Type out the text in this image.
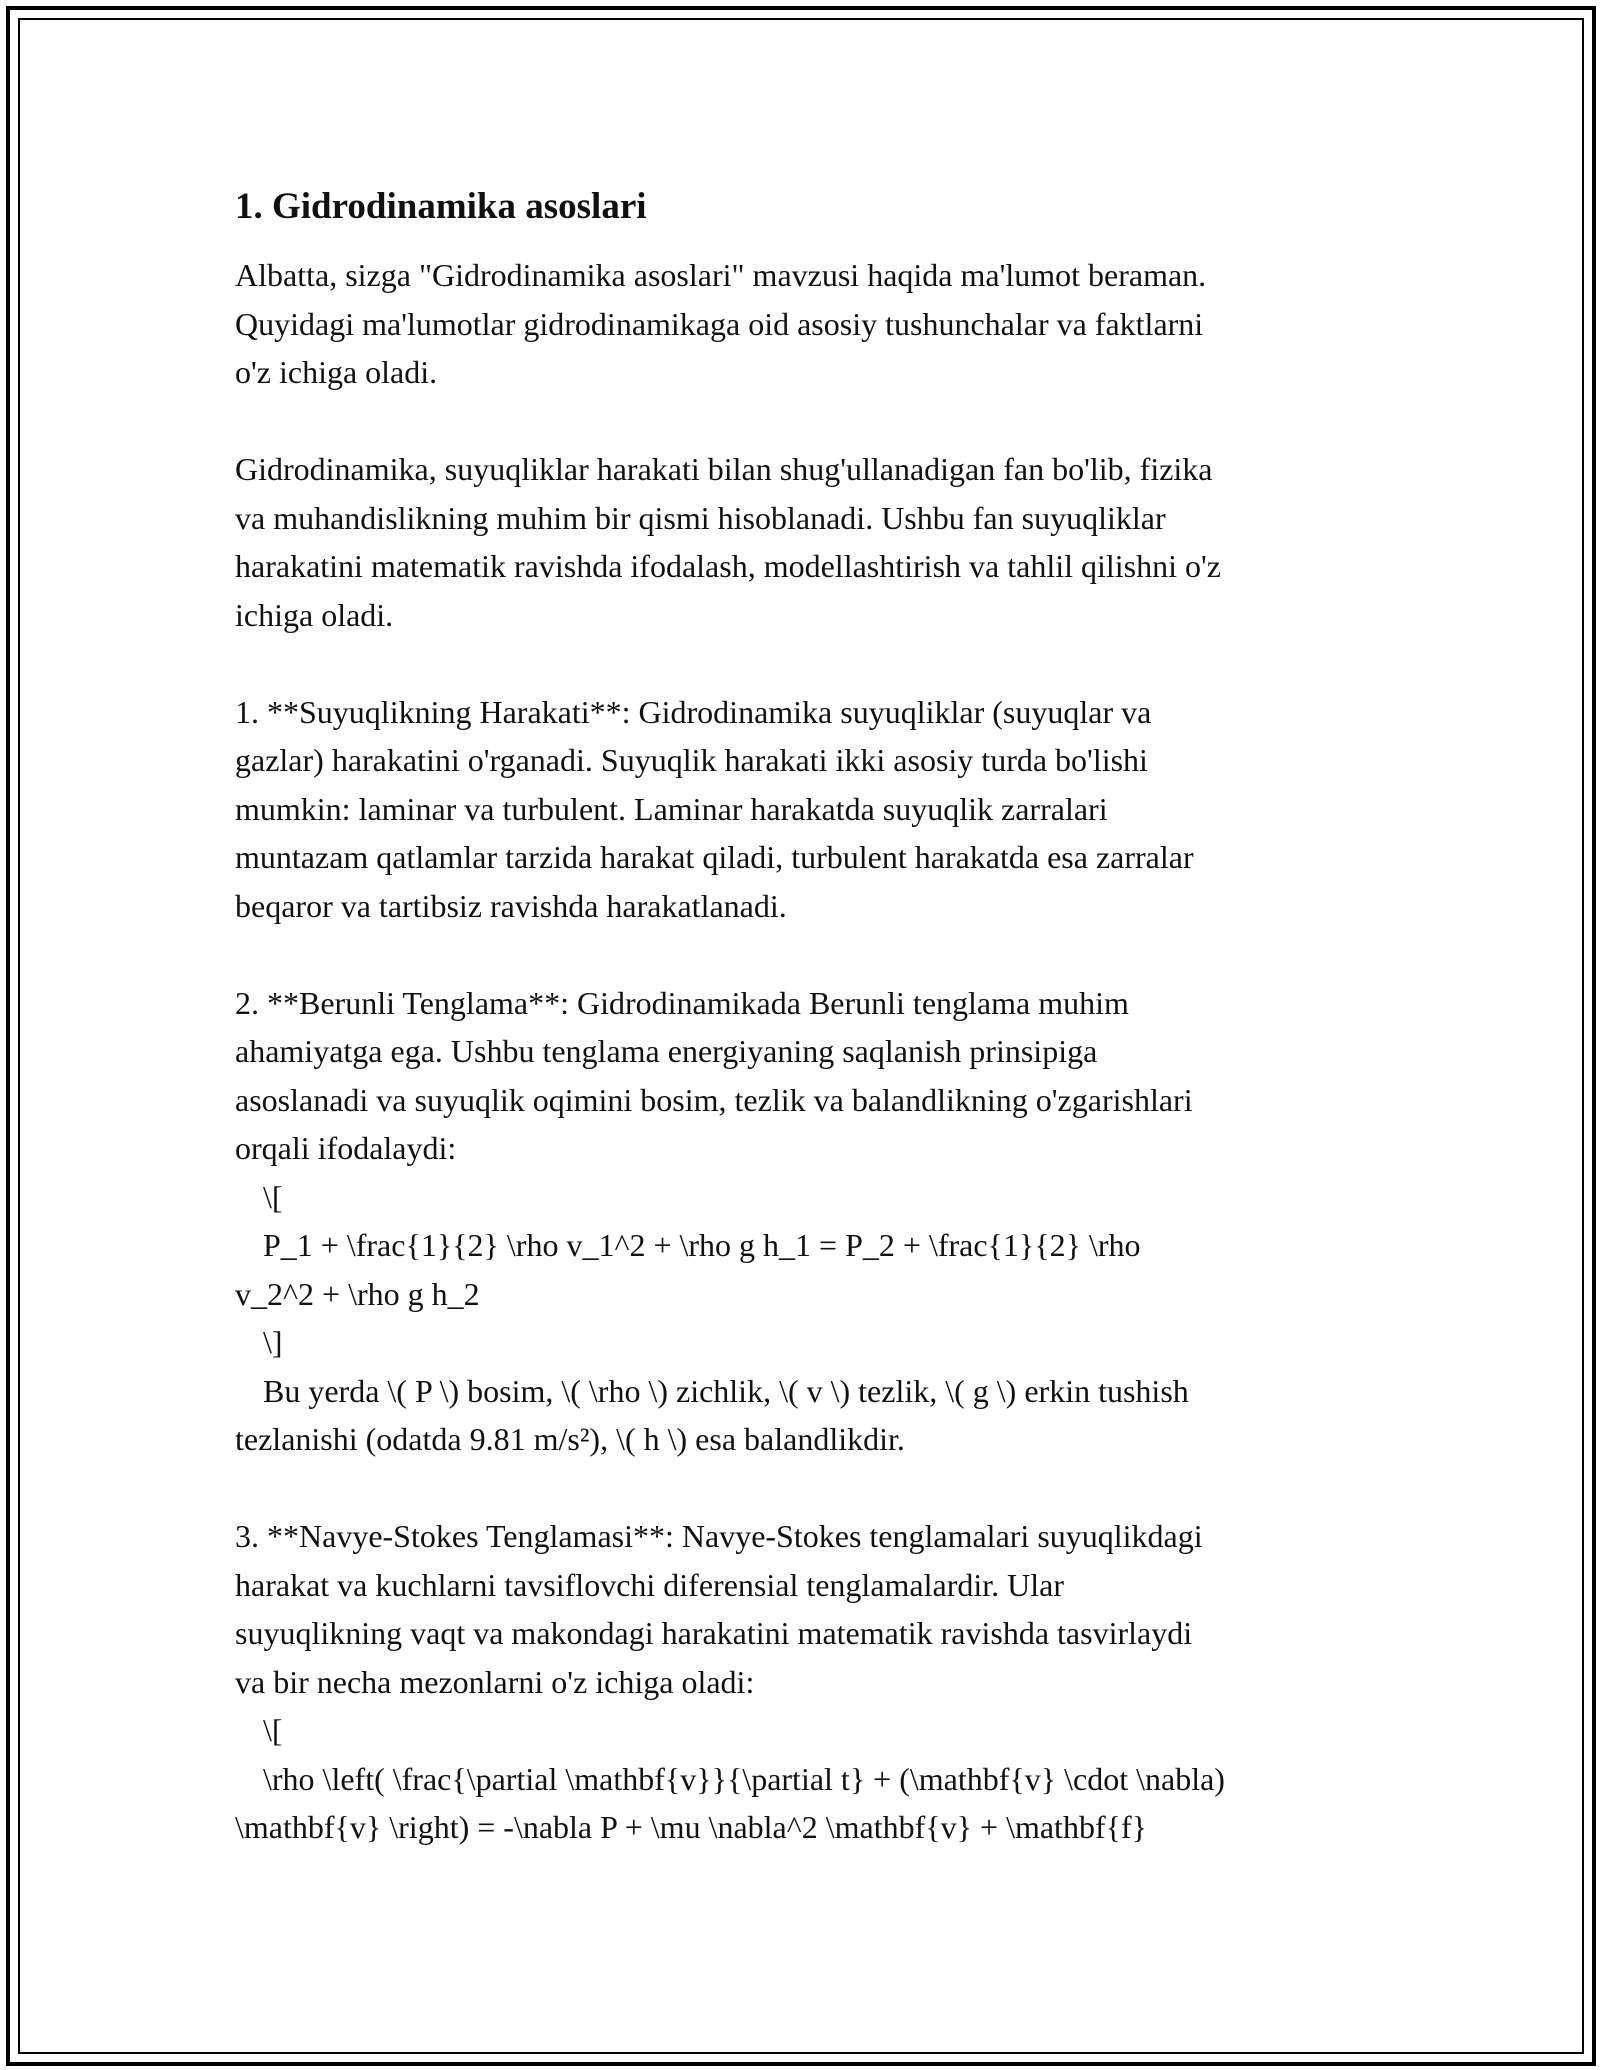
1. Gidrodinamika asoslari

Albatta, sizga "Gidrodinamika asoslari" mavzusi haqida ma'lumot beraman.
Quyidagi ma'lumotlar gidrodinamikaga oid asosiy tushunchalar va faktlarni
o'z ichiga oladi.

Gidrodinamika, suyuqliklar harakati bilan shug'ullanadigan fan bo'lib, fizika
va muhandislikning muhim bir qismi hisoblanadi. Ushbu fan suyuqliklar
harakatini matematik ravishda ifodalash, modellashtirish va tahlil qilishni o'z
ichiga oladi.

1. **Suyuqlikning Harakati**: Gidrodinamika suyuqliklar (suyuqlar va
gazlar) harakatini o'rganadi. Suyuqlik harakati ikki asosiy turda bo'lishi
mumkin: laminar va turbulent. Laminar harakatda suyuqlik zarralari
muntazam qatlamlar tarzida harakat qiladi, turbulent harakatda esa zarralar
beqaror va tartibsiz ravishda harakatlanadi.

2. **Berunli Tenglama**: Gidrodinamikada Berunli tenglama muhim
ahamiyatga ega. Ushbu tenglama energiyaning saqlanish prinsipiga
asoslanadi va suyuqlik oqimini bosim, tezlik va balandlikning o'zgarishlari
orqali ifodalaydi:
\[
P_1 + \frac{1}{2} \rho v_1^2 + \rho g h_1 = P_2 + \frac{1}{2} \rho
v_2^2 + \rho g h_2
\]
Bu yerda \( P \) bosim, \( \rho \) zichlik, \( v \) tezlik, \( g \) erkin tushish
tezlanishi (odatda 9.81 m/s²), \( h \) esa balandlikdir.

3. **Navye-Stokes Tenglamasi**: Navye-Stokes tenglamalari suyuqlikdagi
harakat va kuchlarni tavsiflovchi diferensial tenglamalardir. Ular
suyuqlikning vaqt va makondagi harakatini matematik ravishda tasvirlaydi
va bir necha mezonlarni o'z ichiga oladi:
\[
\rho \left( \frac{\partial \mathbf{v}}{\partial t} + (\mathbf{v} \cdot \nabla)
\mathbf{v} \right) = -\nabla P + \mu \nabla^2 \mathbf{v} + \mathbf{f}
